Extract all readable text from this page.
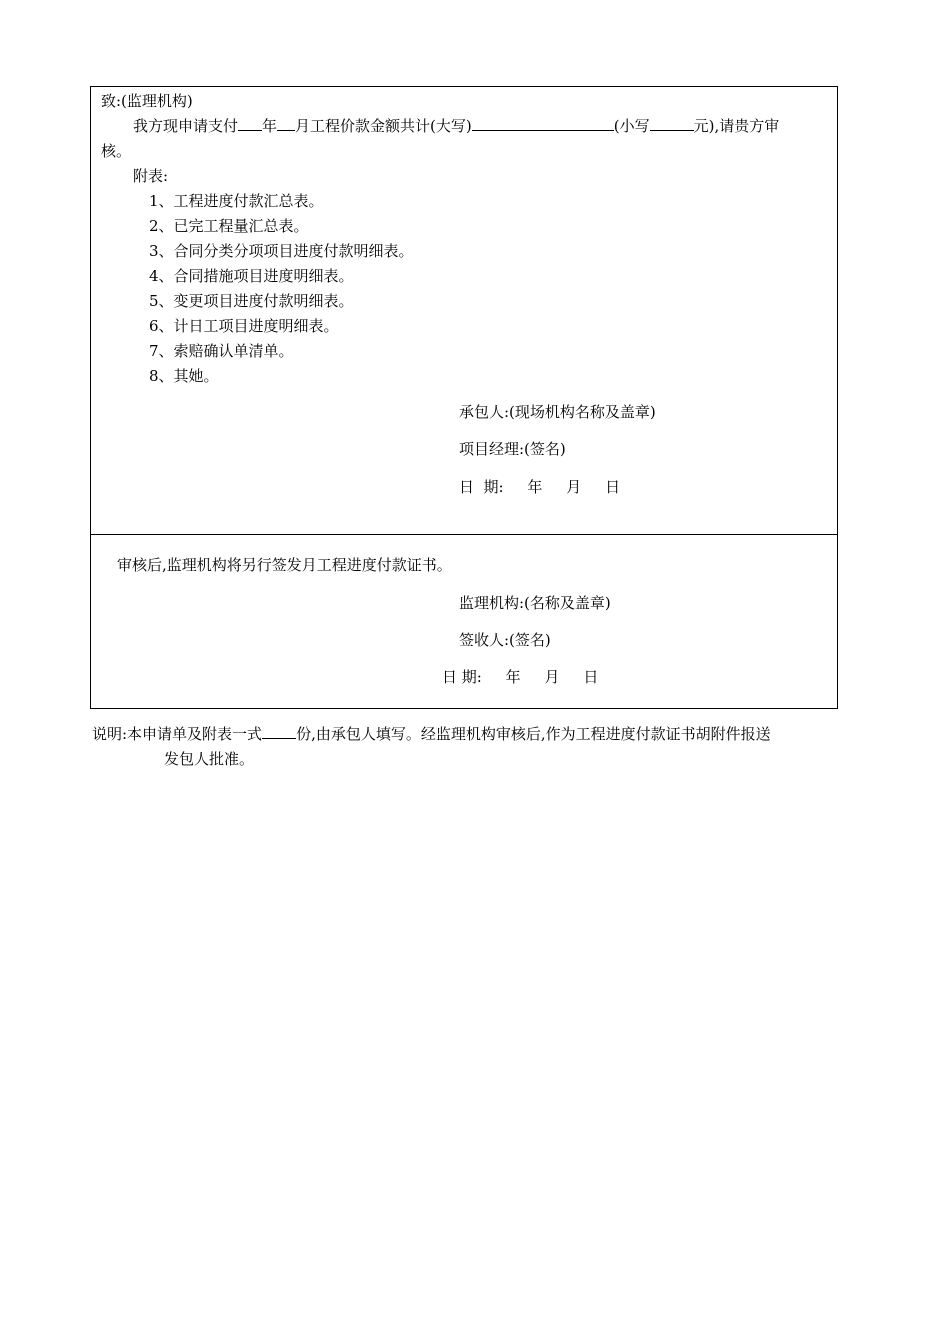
致:(监理机构)
我方现申请支付 年 月工程价款金额共计(大写)	(小写	元),请贵方审
核。
附表:
1、工程进度付款汇总表。
2、已完工程量汇总表。
3、合同分类分项项目进度付款明细表。
4、合同措施项目进度明细表。
5、变更项目进度付款明细表。
6、计日工项目进度明细表。
7、索赔确认单清单。
8、其她。
承包人:(现场机构名称及盖章)
项目经理:(签名)
日  期:     年     月     日
审核后,监理机构将另行签发月工程进度付款证书。
监理机构:(名称及盖章)
签收人:(签名)
日 期:     年     月     日
说明:本申请单及附表一式 份,由承包人填写。经监理机构审核后,作为工程进度付款证书胡附件报送
发包人批准。
